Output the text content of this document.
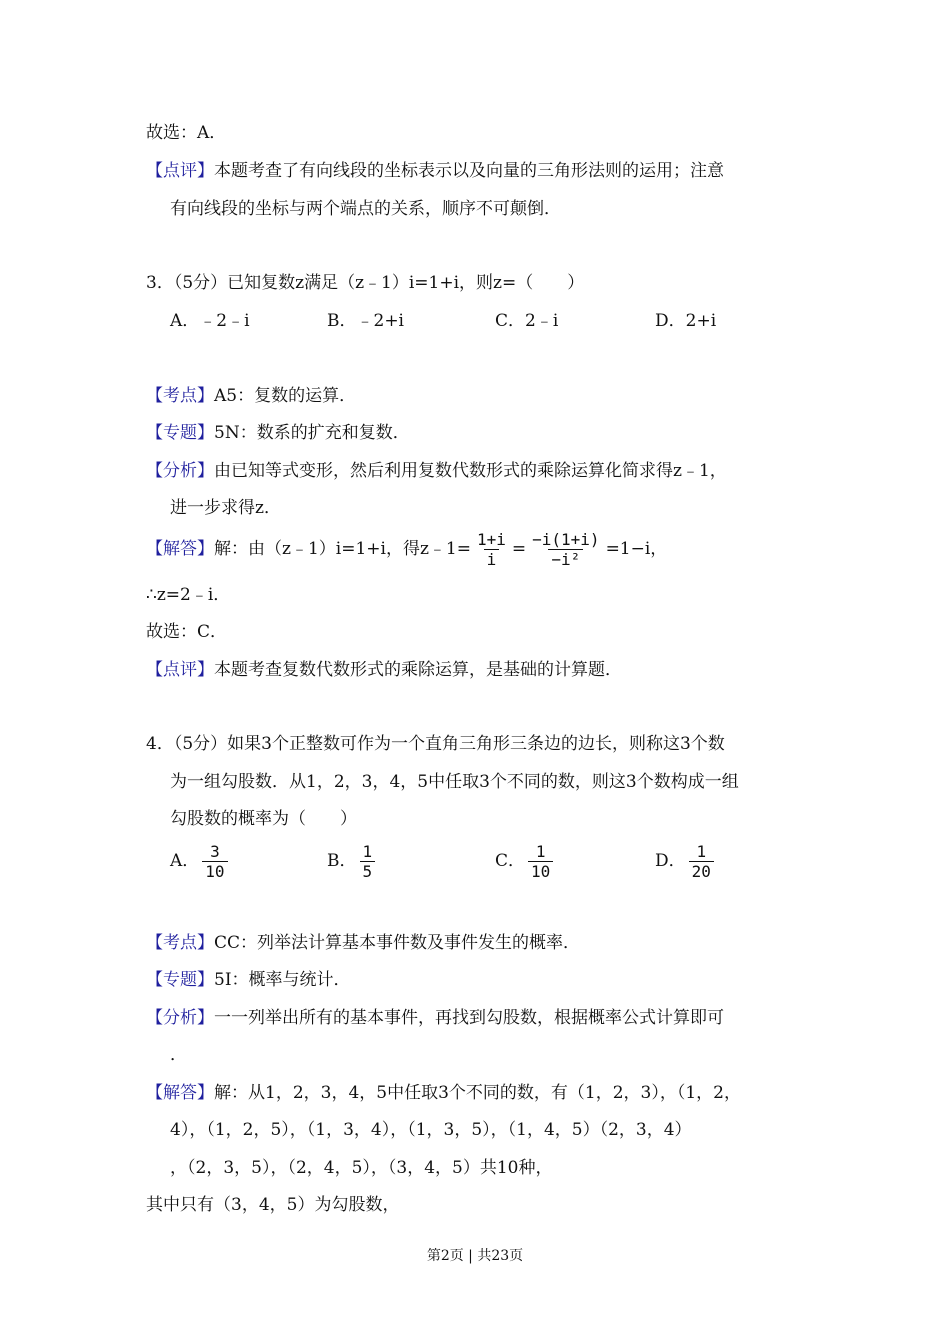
故选：A．
【点评】本题考查了有向线段的坐标表示以及向量的三角形法则的运用；注意
有向线段的坐标与两个端点的关系，顺序不可颠倒．
3．（5分）已知复数z满足（z﹣1）i=1+i，则z=（　　）
A．﹣2﹣i	B．﹣2+i	C．2﹣i	D．2+i
【考点】A5：复数的运算．
【专题】5N：数系的扩充和复数．
【分析】由已知等式变形，然后利用复数代数形式的乘除运算化简求得z﹣1，
进一步求得z．
【解答】解：由（z﹣1）i=1+i，得z﹣1= $\frac{1+i}{i} = \frac{-i(1+i)}{\text{−i²}} =1-i$，
∴z=2﹣i．
故选：C．
【点评】本题考查复数代数形式的乘除运算，是基础的计算题．
4．（5分）如果3个正整数可作为一个直角三角形三条边的边长，则称这3个数
为一组勾股数．从1，2，3，4，5中任取3个不同的数，则这3个数构成一组
勾股数的概率为（　　）
A． $\frac{3}{10}$	B． $\frac{1}{5}$	C． $\frac{1}{10}$	D． $\frac{1}{20}$
【考点】CC：列举法计算基本事件数及事件发生的概率．
【专题】5I：概率与统计．
【分析】一一列举出所有的基本事件，再找到勾股数，根据概率公式计算即可
．
【解答】解：从1，2，3，4，5中任取3个不同的数，有（1，2，3），（1，2，
4），（1，2，5），（1，3，4），（1，3，5），（1，4，5）（2，3，4）
，（2，3，5），（2，4，5），（3，4，5）共10种，
其中只有（3，4，5）为勾股数，
第2页 | 共23页
